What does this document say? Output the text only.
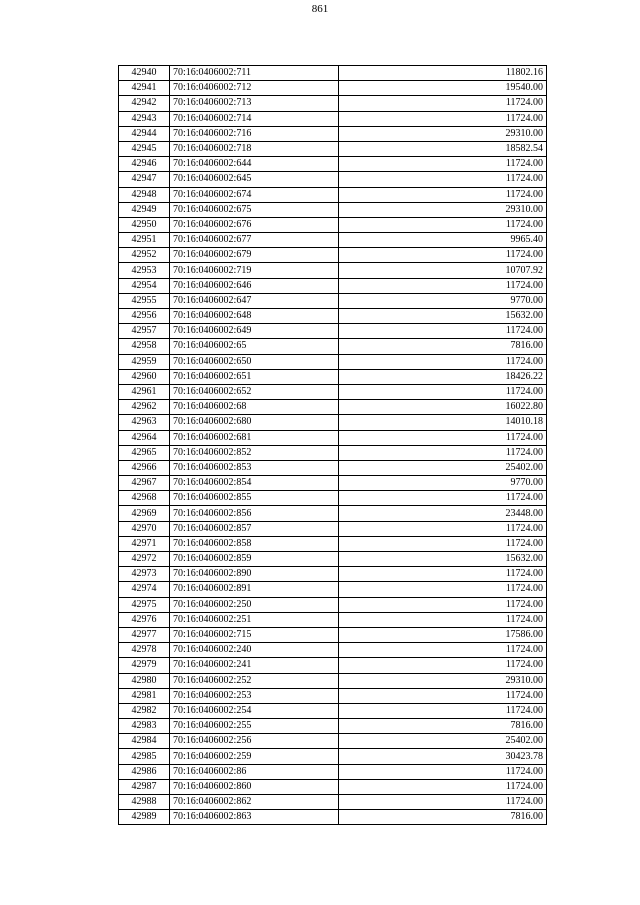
861
42940	70:16:0406002:711	11802.16
42941	70:16:0406002:712	19540.00
42942	70:16:0406002:713	11724.00
42943	70:16:0406002:714	11724.00
42944	70:16:0406002:716	29310.00
42945	70:16:0406002:718	18582.54
42946	70:16:0406002:644	11724.00
42947	70:16:0406002:645	11724.00
42948	70:16:0406002:674	11724.00
42949	70:16:0406002:675	29310.00
42950	70:16:0406002:676	11724.00
42951	70:16:0406002:677	9965.40
42952	70:16:0406002:679	11724.00
42953	70:16:0406002:719	10707.92
42954	70:16:0406002:646	11724.00
42955	70:16:0406002:647	9770.00
42956	70:16:0406002:648	15632.00
42957	70:16:0406002:649	11724.00
42958	70:16:0406002:65	7816.00
42959	70:16:0406002:650	11724.00
42960	70:16:0406002:651	18426.22
42961	70:16:0406002:652	11724.00
42962	70:16:0406002:68	16022.80
42963	70:16:0406002:680	14010.18
42964	70:16:0406002:681	11724.00
42965	70:16:0406002:852	11724.00
42966	70:16:0406002:853	25402.00
42967	70:16:0406002:854	9770.00
42968	70:16:0406002:855	11724.00
42969	70:16:0406002:856	23448.00
42970	70:16:0406002:857	11724.00
42971	70:16:0406002:858	11724.00
42972	70:16:0406002:859	15632.00
42973	70:16:0406002:890	11724.00
42974	70:16:0406002:891	11724.00
42975	70:16:0406002:250	11724.00
42976	70:16:0406002:251	11724.00
42977	70:16:0406002:715	17586.00
42978	70:16:0406002:240	11724.00
42979	70:16:0406002:241	11724.00
42980	70:16:0406002:252	29310.00
42981	70:16:0406002:253	11724.00
42982	70:16:0406002:254	11724.00
42983	70:16:0406002:255	7816.00
42984	70:16:0406002:256	25402.00
42985	70:16:0406002:259	30423.78
42986	70:16:0406002:86	11724.00
42987	70:16:0406002:860	11724.00
42988	70:16:0406002:862	11724.00
42989	70:16:0406002:863	7816.00
